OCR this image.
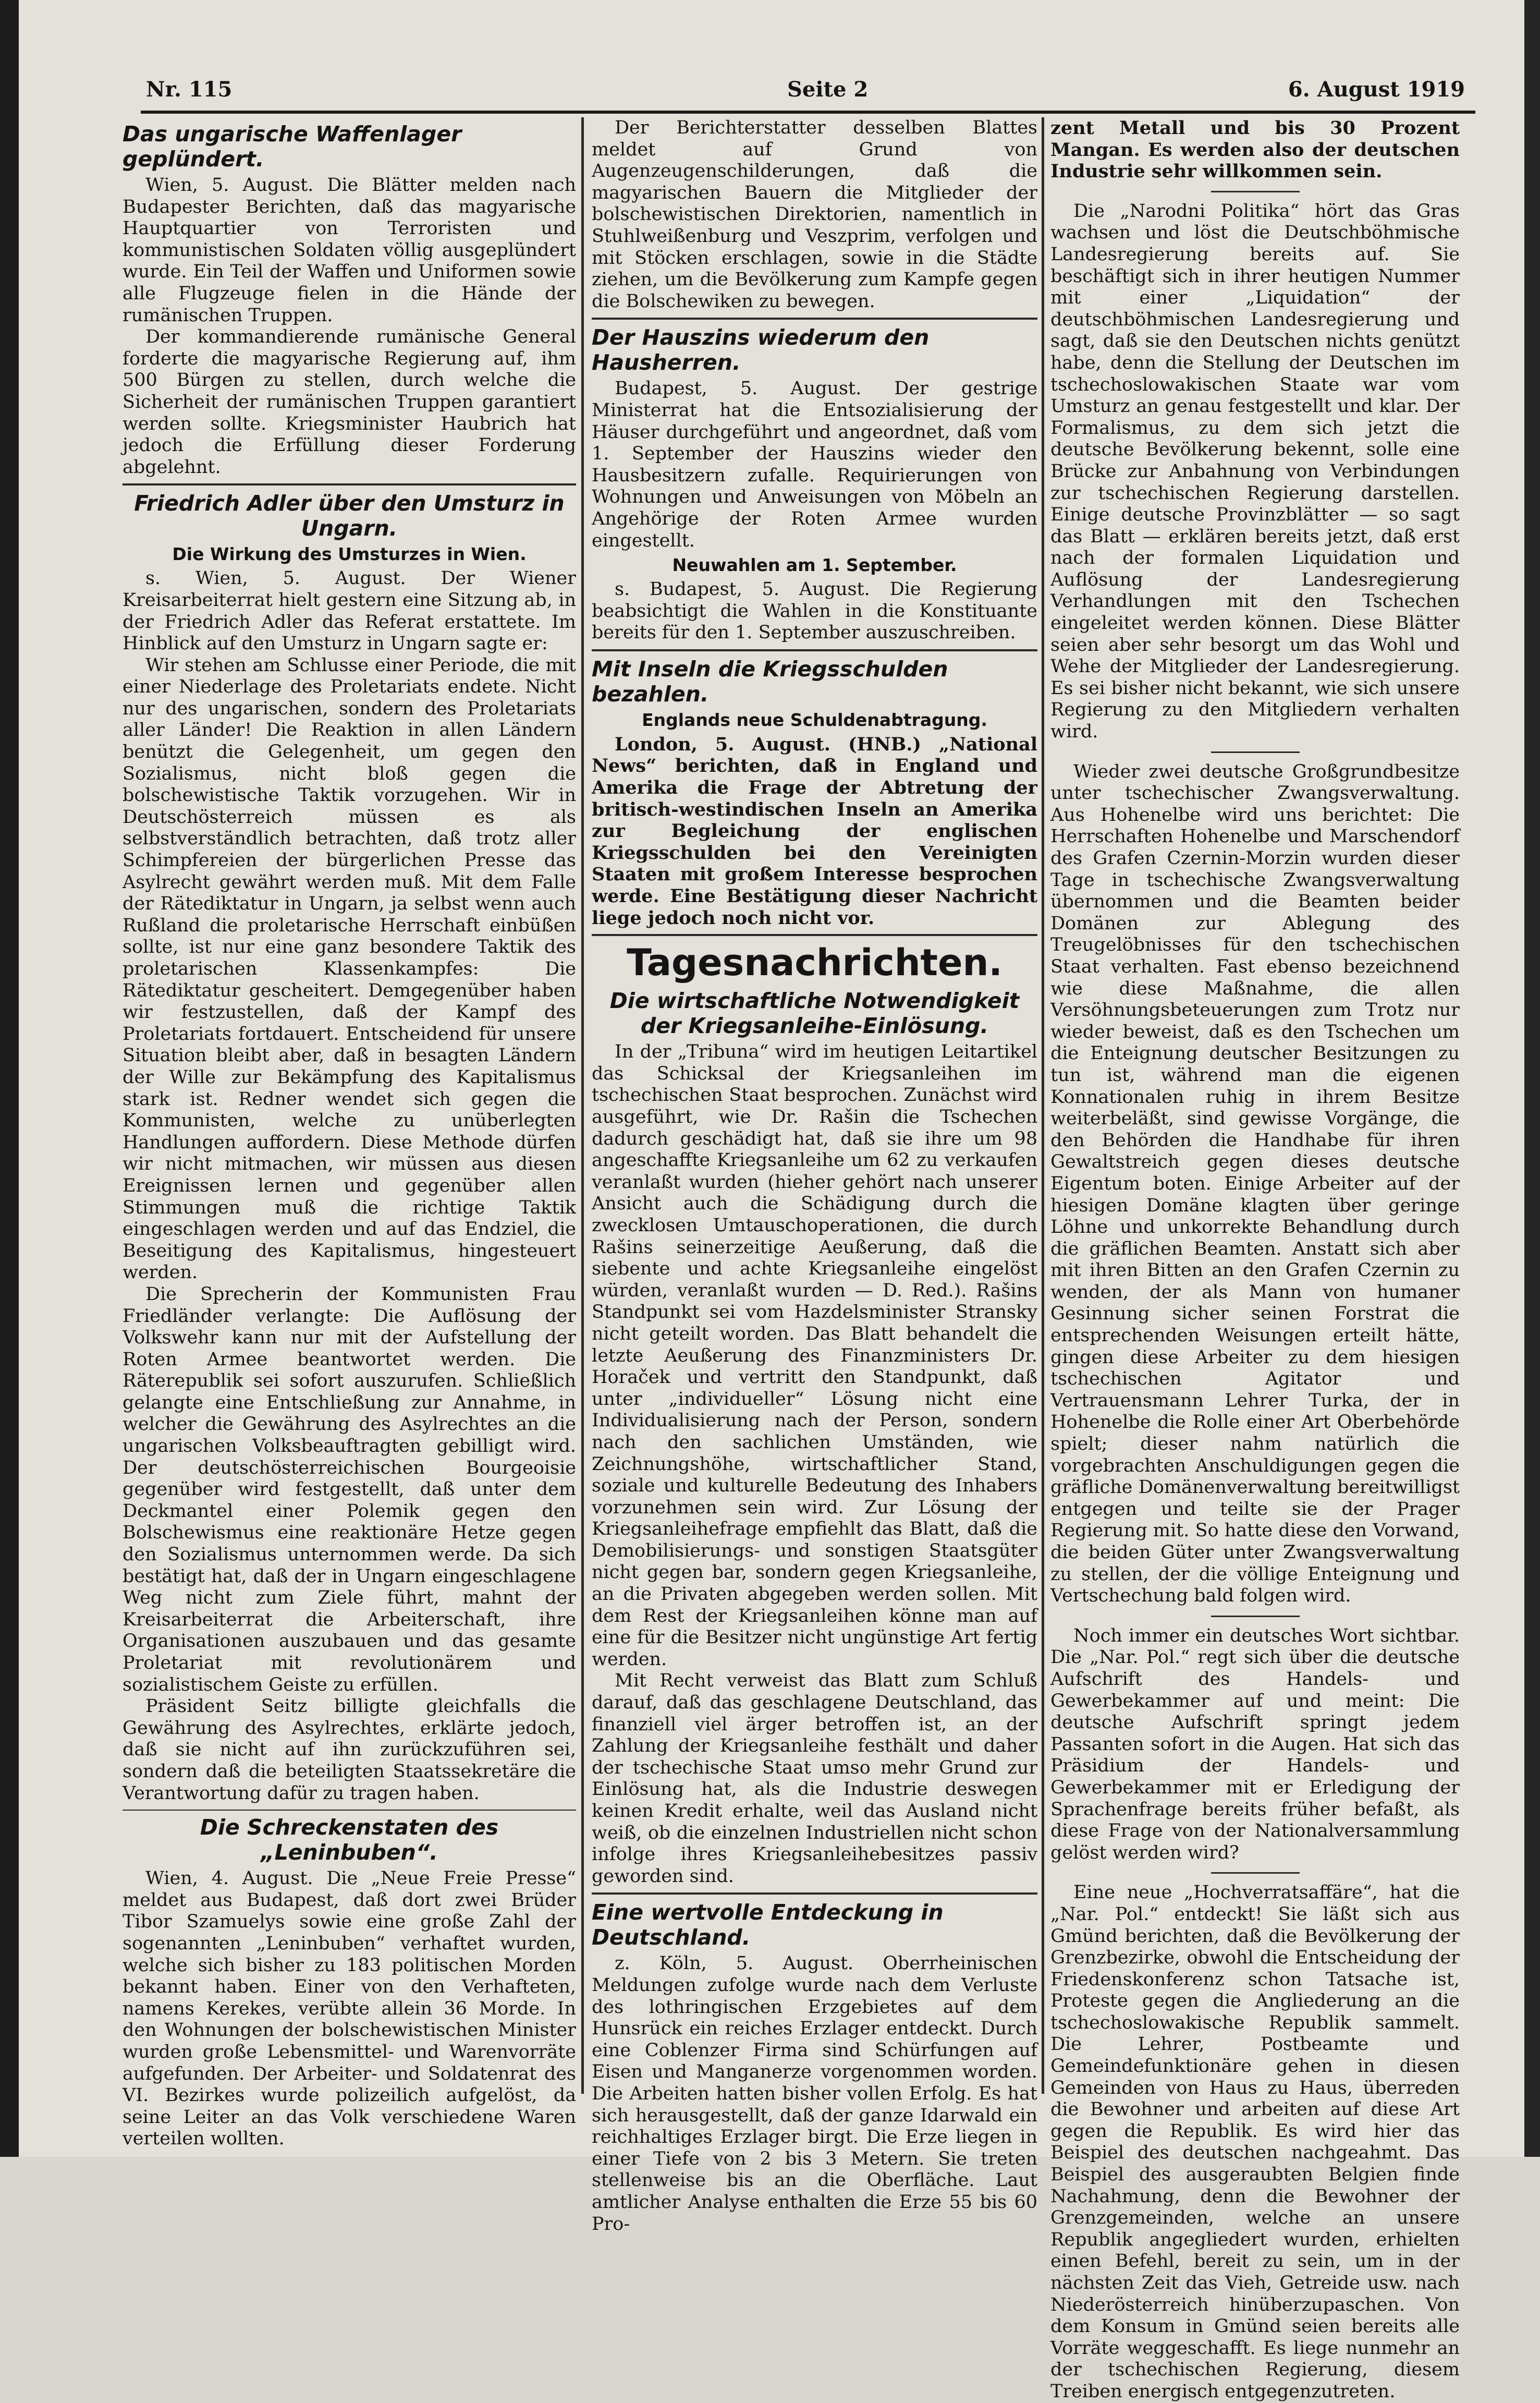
Nr. 115	Seite 2	6. August 1919
Das ungarische Waffenlager geplündert.

Wien, 5. August. Die Blätter melden nach Budapester Berichten, daß das magyarische Hauptquartier von Terroristen und kommunistischen Soldaten völlig ausgeplündert wurde. Ein Teil der Waffen und Uniformen sowie alle Flugzeuge fielen in die Hände der rumänischen Truppen.

Der kommandierende rumänische General forderte die magyarische Regierung auf, ihm 500 Bürgen zu stellen, durch welche die Sicherheit der rumänischen Truppen garantiert werden sollte. Kriegsminister Haubrich hat jedoch die Erfüllung dieser Forderung abgelehnt.

Friedrich Adler über den Umsturz in Ungarn.
Die Wirkung des Umsturzes in Wien.

s. Wien, 5. August. Der Wiener Kreisarbeiterrat hielt gestern eine Sitzung ab, in der Friedrich Adler das Referat erstattete. Im Hinblick auf den Umsturz in Ungarn sagte er:

Wir stehen am Schlusse einer Periode, die mit einer Niederlage des Proletariats endete. Nicht nur des ungarischen, sondern des Proletariats aller Länder! Die Reaktion in allen Ländern benützt die Gelegenheit, um gegen den Sozialismus, nicht bloß gegen die bolschewistische Taktik vorzugehen. Wir in Deutschösterreich müssen es als selbstverständlich betrachten, daß trotz aller Schimpfereien der bürgerlichen Presse das Asylrecht gewährt werden muß. Mit dem Falle der Rätediktatur in Ungarn, ja selbst wenn auch Rußland die proletarische Herrschaft einbüßen sollte, ist nur eine ganz besondere Taktik des proletarischen Klassenkampfes: Die Rätediktatur gescheitert. Demgegenüber haben wir festzustellen, daß der Kampf des Proletariats fortdauert. Entscheidend für unsere Situation bleibt aber, daß in besagten Ländern der Wille zur Bekämpfung des Kapitalismus stark ist. Redner wendet sich gegen die Kommunisten, welche zu unüberlegten Handlungen auffordern. Diese Methode dürfen wir nicht mitmachen, wir müssen aus diesen Ereignissen lernen und gegenüber allen Stimmungen muß die richtige Taktik eingeschlagen werden und auf das Endziel, die Beseitigung des Kapitalismus, hingesteuert werden.

Die Sprecherin der Kommunisten Frau Friedländer verlangte: Die Auflösung der Volkswehr kann nur mit der Aufstellung der Roten Armee beantwortet werden. Die Räterepublik sei sofort auszurufen. Schließlich gelangte eine Entschließung zur Annahme, in welcher die Gewährung des Asylrechtes an die ungarischen Volksbeauftragten gebilligt wird. Der deutschösterreichischen Bourgeoisie gegenüber wird festgestellt, daß unter dem Deckmantel einer Polemik gegen den Bolschewismus eine reaktionäre Hetze gegen den Sozialismus unternommen werde. Da sich bestätigt hat, daß der in Ungarn eingeschlagene Weg nicht zum Ziele führt, mahnt der Kreisarbeiterrat die Arbeiterschaft, ihre Organisationen auszubauen und das gesamte Proletariat mit revolutionärem und sozialistischem Geiste zu erfüllen.

Präsident Seitz billigte gleichfalls die Gewährung des Asylrechtes, erklärte jedoch, daß sie nicht auf ihn zurückzuführen sei, sondern daß die beteiligten Staatssekretäre die Verantwortung dafür zu tragen haben.

Die Schreckenstaten des „Leninbuben“.

Wien, 4. August. Die „Neue Freie Presse“ meldet aus Budapest, daß dort zwei Brüder Tibor Szamuelys sowie eine große Zahl der sogenannten „Leninbuben“ verhaftet wurden, welche sich bisher zu 183 politischen Morden bekannt haben. Einer von den Verhafteten, namens Kerekes, verübte allein 36 Morde. In den Wohnungen der bolschewistischen Minister wurden große Lebensmittel- und Warenvorräte aufgefunden. Der Arbeiter- und Soldatenrat des VI. Bezirkes wurde polizeilich aufgelöst, da seine Leiter an das Volk verschiedene Waren verteilen wollten.

Der Berichterstatter desselben Blattes meldet auf Grund von Augenzeugenschilderungen, daß die magyarischen Bauern die Mitglieder der bolschewistischen Direktorien, namentlich in Stuhlweißenburg und Veszprim, verfolgen und mit Stöcken erschlagen, sowie in die Städte ziehen, um die Bevölkerung zum Kampfe gegen die Bolschewiken zu bewegen.

Der Hauszins wiederum den Hausherren.

Budapest, 5. August. Der gestrige Ministerrat hat die Entsozialisierung der Häuser durchgeführt und angeordnet, daß vom 1. September der Hauszins wieder den Hausbesitzern zufalle. Requirierungen von Wohnungen und Anweisungen von Möbeln an Angehörige der Roten Armee wurden eingestellt.

Neuwahlen am 1. September.

s. Budapest, 5. August. Die Regierung beabsichtigt die Wahlen in die Konstituante bereits für den 1. September auszuschreiben.

Mit Inseln die Kriegsschulden bezahlen.
Englands neue Schuldenabtragung.

London, 5. August. (HNB.) „National News“ berichten, daß in England und Amerika die Frage der Abtretung der britisch-westindischen Inseln an Amerika zur Begleichung der englischen Kriegsschulden bei den Vereinigten Staaten mit großem Interesse besprochen werde. Eine Bestätigung dieser Nachricht liege jedoch noch nicht vor.

Tagesnachrichten.
Die wirtschaftliche Notwendigkeit der Kriegsanleihe-Einlösung.

In der „Tribuna“ wird im heutigen Leitartikel das Schicksal der Kriegsanleihen im tschechischen Staat besprochen. Zunächst wird ausgeführt, wie Dr. Rašin die Tschechen dadurch geschädigt hat, daß sie ihre um 98 angeschaffte Kriegsanleihe um 62 zu verkaufen veranlaßt wurden (hieher gehört nach unserer Ansicht auch die Schädigung durch die zwecklosen Umtauschoperationen, die durch Rašins seinerzeitige Aeußerung, daß die siebente und achte Kriegsanleihe eingelöst würden, veranlaßt wurden — D. Red.). Rašins Standpunkt sei vom Hazdelsminister Stransky nicht geteilt worden. Das Blatt behandelt die letzte Aeußerung des Finanzministers Dr. Horaček und vertritt den Standpunkt, daß unter „individueller“ Lösung nicht eine Individualisierung nach der Person, sondern nach den sachlichen Umständen, wie Zeichnungshöhe, wirtschaftlicher Stand, soziale und kulturelle Bedeutung des Inhabers vorzunehmen sein wird. Zur Lösung der Kriegsanleihefrage empfiehlt das Blatt, daß die Demobilisierungs- und sonstigen Staatsgüter nicht gegen bar, sondern gegen Kriegsanleihe, an die Privaten abgegeben werden sollen. Mit dem Rest der Kriegsanleihen könne man auf eine für die Besitzer nicht ungünstige Art fertig werden.

Mit Recht verweist das Blatt zum Schluß darauf, daß das geschlagene Deutschland, das finanziell viel ärger betroffen ist, an der Zahlung der Kriegsanleihe festhält und daher der tschechische Staat umso mehr Grund zur Einlösung hat, als die Industrie deswegen keinen Kredit erhalte, weil das Ausland nicht weiß, ob die einzelnen Industriellen nicht schon infolge ihres Kriegsanleihebesitzes passiv geworden sind.

Eine wertvolle Entdeckung in Deutschland.

z. Köln, 5. August. Oberrheinischen Meldungen zufolge wurde nach dem Verluste des lothringischen Erzgebietes auf dem Hunsrück ein reiches Erzlager entdeckt. Durch eine Coblenzer Firma sind Schürfungen auf Eisen und Manganerze vorgenommen worden. Die Arbeiten hatten bisher vollen Erfolg. Es hat sich herausgestellt, daß der ganze Idarwald ein reichhaltiges Erzlager birgt. Die Erze liegen in einer Tiefe von 2 bis 3 Metern. Sie treten stellenweise bis an die Oberfläche. Laut amtlicher Analyse enthalten die Erze 55 bis 60 Pro-

zent Metall und bis 30 Prozent Mangan. Es werden also der deutschen Industrie sehr willkommen sein.

Die „Narodni Politika“ hört das Gras wachsen und löst die Deutschböhmische Landesregierung bereits auf. Sie beschäftigt sich in ihrer heutigen Nummer mit einer „Liquidation“ der deutschböhmischen Landesregierung und sagt, daß sie den Deutschen nichts genützt habe, denn die Stellung der Deutschen im tschechoslowakischen Staate war vom Umsturz an genau festgestellt und klar. Der Formalismus, zu dem sich jetzt die deutsche Bevölkerung bekennt, solle eine Brücke zur Anbahnung von Verbindungen zur tschechischen Regierung darstellen. Einige deutsche Provinzblätter — so sagt das Blatt — erklären bereits jetzt, daß erst nach der formalen Liquidation und Auflösung der Landesregierung Verhandlungen mit den Tschechen eingeleitet werden können. Diese Blätter seien aber sehr besorgt um das Wohl und Wehe der Mitglieder der Landesregierung. Es sei bisher nicht bekannt, wie sich unsere Regierung zu den Mitgliedern verhalten wird.

Wieder zwei deutsche Großgrundbesitze unter tschechischer Zwangsverwaltung. Aus Hohenelbe wird uns berichtet: Die Herrschaften Hohenelbe und Marschendorf des Grafen Czernin-Morzin wurden dieser Tage in tschechische Zwangsverwaltung übernommen und die Beamten beider Domänen zur Ablegung des Treugelöbnisses für den tschechischen Staat verhalten. Fast ebenso bezeichnend wie diese Maßnahme, die allen Versöhnungsbeteuerungen zum Trotz nur wieder beweist, daß es den Tschechen um die Enteignung deutscher Besitzungen zu tun ist, während man die eigenen Konnationalen ruhig in ihrem Besitze weiterbeläßt, sind gewisse Vorgänge, die den Behörden die Handhabe für ihren Gewaltstreich gegen dieses deutsche Eigentum boten. Einige Arbeiter auf der hiesigen Domäne klagten über geringe Löhne und unkorrekte Behandlung durch die gräflichen Beamten. Anstatt sich aber mit ihren Bitten an den Grafen Czernin zu wenden, der als Mann von humaner Gesinnung sicher seinen Forstrat die entsprechenden Weisungen erteilt hätte, gingen diese Arbeiter zu dem hiesigen tschechischen Agitator und Vertrauensmann Lehrer Turka, der in Hohenelbe die Rolle einer Art Oberbehörde spielt; dieser nahm natürlich die vorgebrachten Anschuldigungen gegen die gräfliche Domänenverwaltung bereitwilligst entgegen und teilte sie der Prager Regierung mit. So hatte diese den Vorwand, die beiden Güter unter Zwangsverwaltung zu stellen, der die völlige Enteignung und Vertschechung bald folgen wird.

Noch immer ein deutsches Wort sichtbar. Die „Nar. Pol.“ regt sich über die deutsche Aufschrift des Handels- und Gewerbekammer auf und meint: Die deutsche Aufschrift springt jedem Passanten sofort in die Augen. Hat sich das Präsidium der Handels- und Gewerbekammer mit er Erledigung der Sprachenfrage bereits früher befaßt, als diese Frage von der Nationalversammlung gelöst werden wird?

Eine neue „Hochverratsaffäre“, hat die „Nar. Pol.“ entdeckt! Sie läßt sich aus Gmünd berichten, daß die Bevölkerung der Grenzbezirke, obwohl die Entscheidung der Friedenskonferenz schon Tatsache ist, Proteste gegen die Angliederung an die tschechoslowakische Republik sammelt. Die Lehrer, Postbeamte und Gemeindefunktionäre gehen in diesen Gemeinden von Haus zu Haus, überreden die Bewohner und arbeiten auf diese Art gegen die Republik. Es wird hier das Beispiel des deutschen nachgeahmt. Das Beispiel des ausgeraubten Belgien finde Nachahmung, denn die Bewohner der Grenzgemeinden, welche an unsere Republik angegliedert wurden, erhielten einen Befehl, bereit zu sein, um in der nächsten Zeit das Vieh, Getreide usw. nach Niederösterreich hinüberzupaschen. Von dem Konsum in Gmünd seien bereits alle Vorräte weggeschafft. Es liege nunmehr an der tschechischen Regierung, diesem Treiben energisch entgegenzutreten.
